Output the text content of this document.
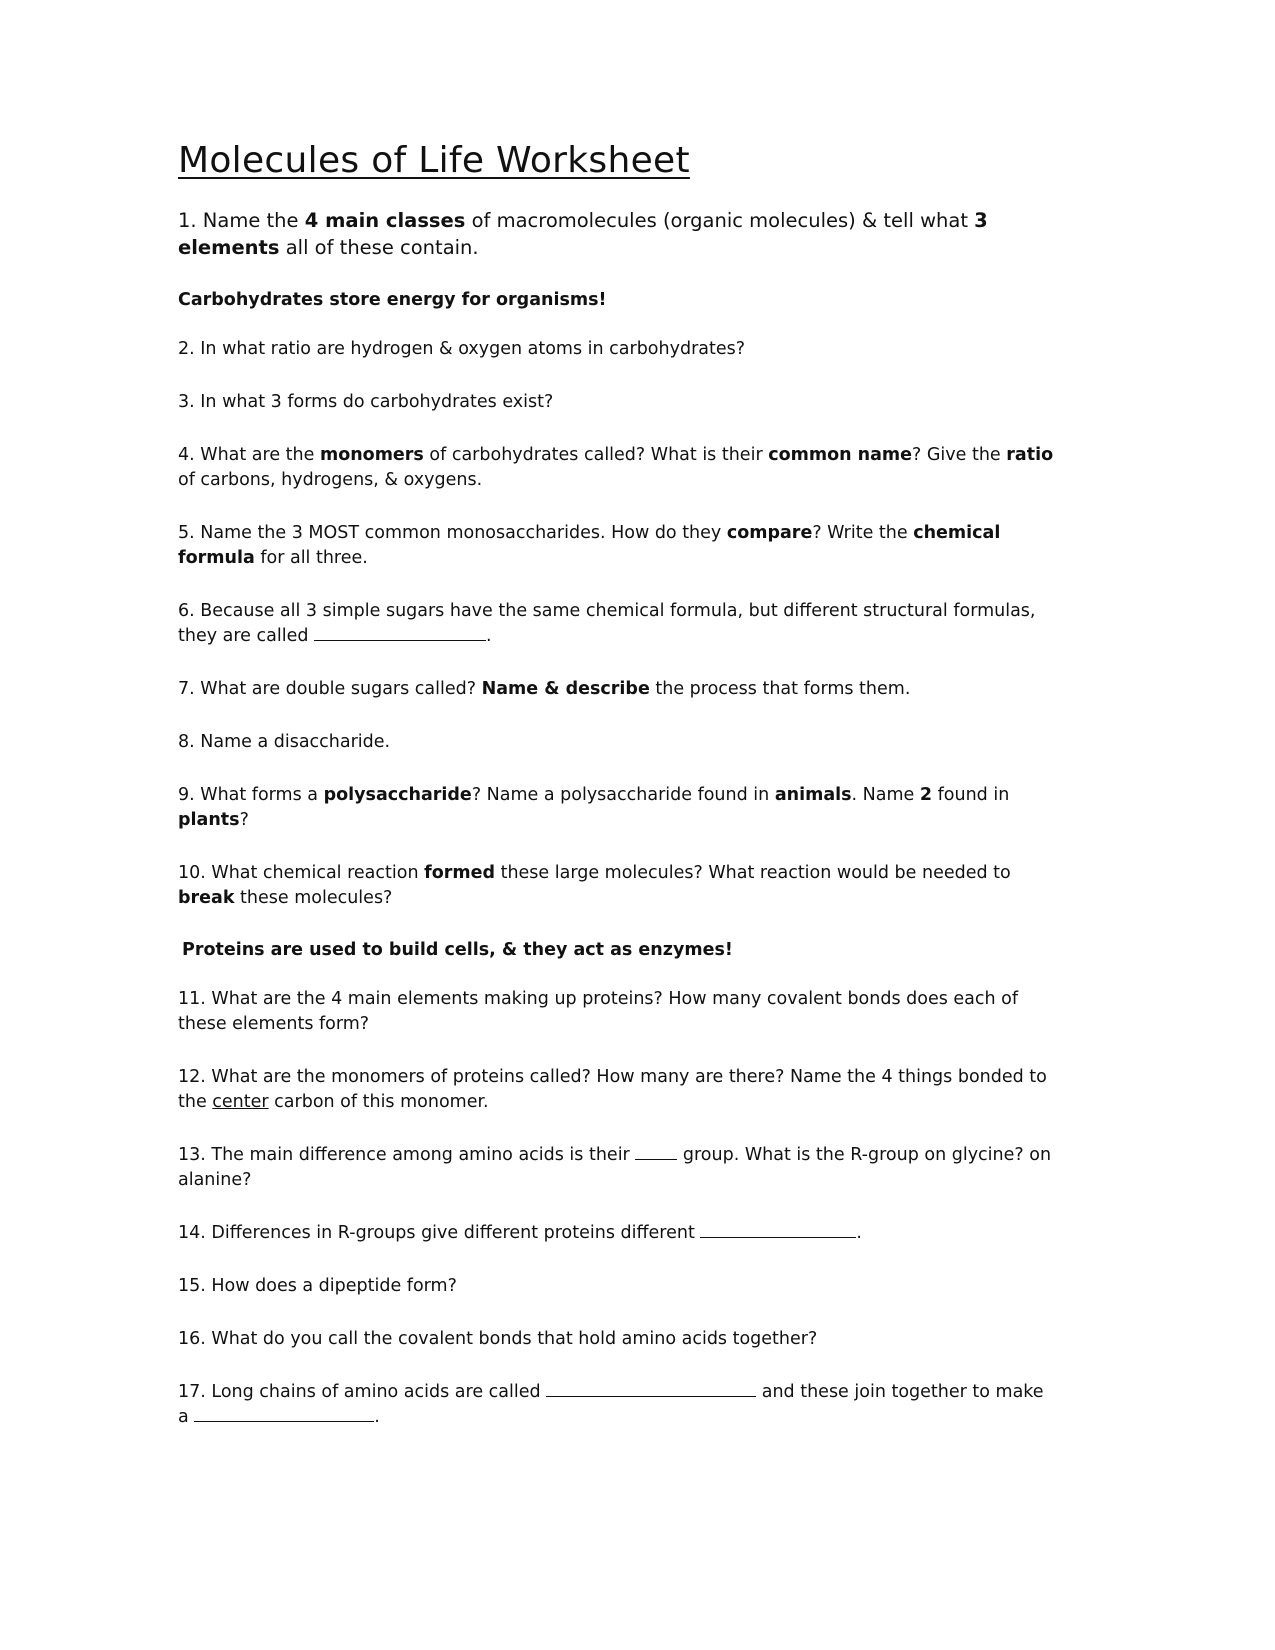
Molecules of Life Worksheet

1. Name the 4 main classes of macromolecules (organic molecules) & tell what 3 elements all of these contain.

Carbohydrates store energy for organisms!

2. In what ratio are hydrogen & oxygen atoms in carbohydrates?

3. In what 3 forms do carbohydrates exist?

4. What are the monomers of carbohydrates called? What is their common name? Give the ratio of carbons, hydrogens, & oxygens.

5. Name the 3 MOST common monosaccharides. How do they compare? Write the chemical formula for all three.

6. Because all 3 simple sugars have the same chemical formula, but different structural formulas, they are called	.

7. What are double sugars called? Name & describe the process that forms them.

8. Name a disaccharide.

9. What forms a polysaccharide? Name a polysaccharide found in animals. Name 2 found in plants?

10. What chemical reaction formed these large molecules? What reaction would be needed to break these molecules?

Proteins are used to build cells, & they act as enzymes!

11. What are the 4 main elements making up proteins? How many covalent bonds does each of these elements form?

12. What are the monomers of proteins called? How many are there? Name the 4 things bonded to the center carbon of this monomer.

13. The main difference among amino acids is their  group. What is the R-group on glycine? on alanine?

14. Differences in R-groups give different proteins different	.

15. How does a dipeptide form?

16. What do you call the covalent bonds that hold amino acids together?

17. Long chains of amino acids are called	and these join together to make a	.
